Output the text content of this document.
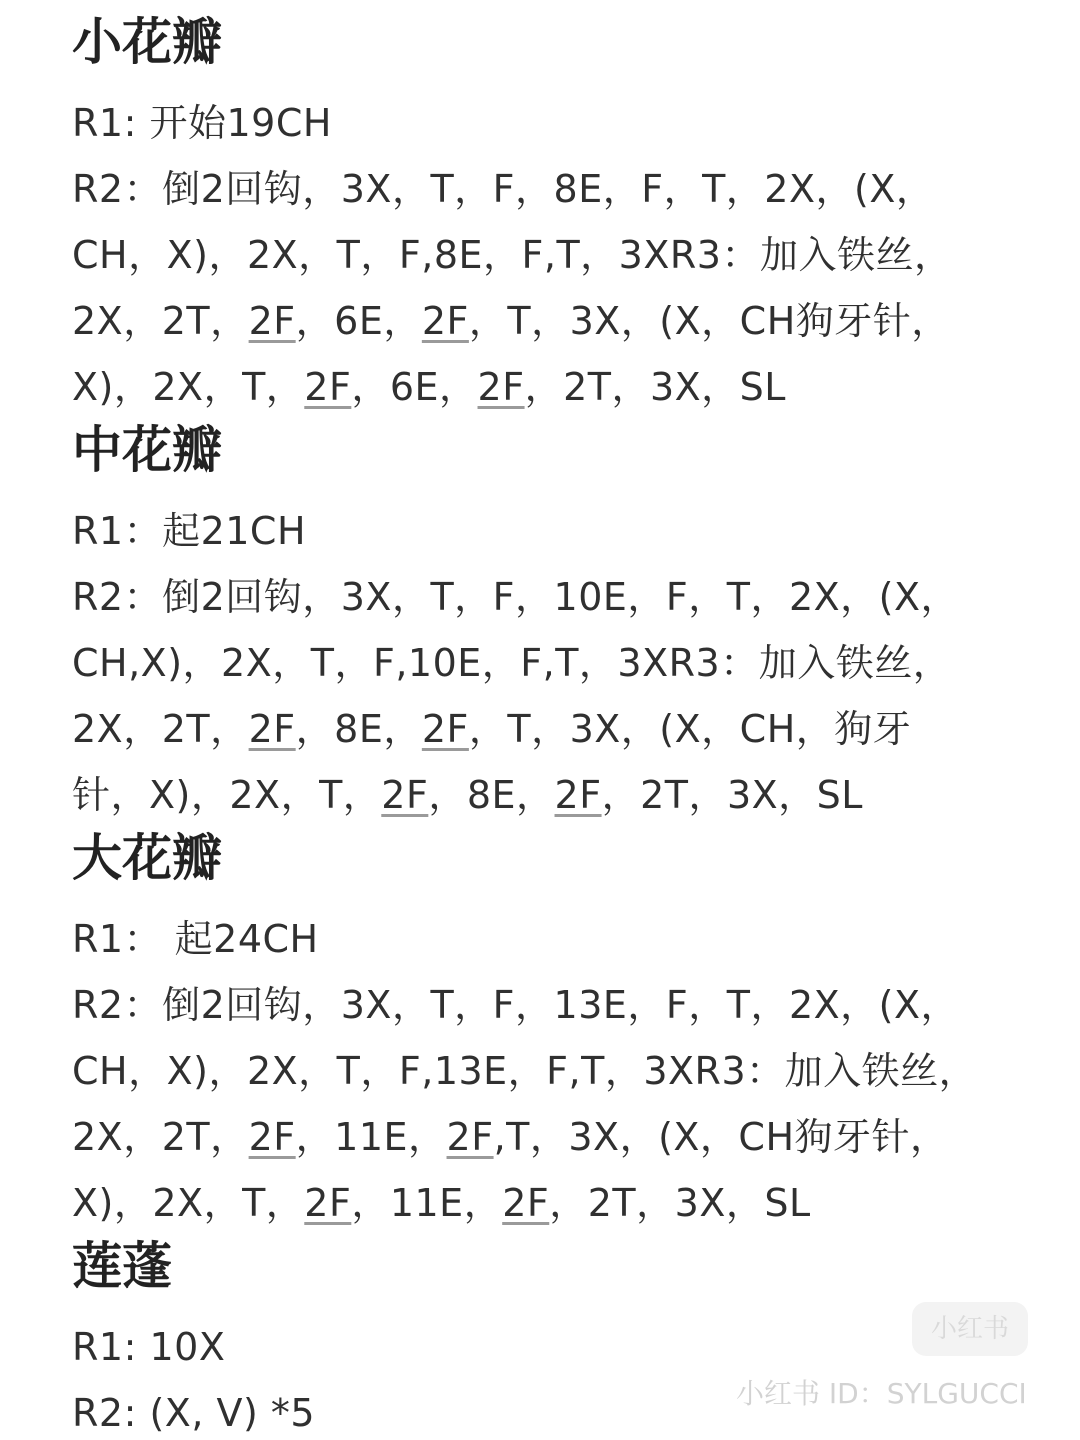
小花瓣
R1: 开始19CH
R2：倒2回钩，3X，T，F，8E，F，T，2X，(X，
CH，X)，2X，T，F,8E，F,T，3XR3：加入铁丝，
2X，2T，2F，6E，2F，T，3X，(X，CH狗牙针，
X)，2X，T，2F，6E，2F，2T，3X，SL
中花瓣
R1：起21CH
R2：倒2回钩，3X，T，F，10E，F，T，2X，(X，
CH,X)，2X，T，F,10E，F,T，3XR3：加入铁丝，
2X，2T，2F，8E，2F，T，3X，(X，CH，狗牙
针，X)，2X，T，2F，8E，2F，2T，3X，SL
大花瓣
R1： 起24CH
R2：倒2回钩，3X，T，F，13E，F，T，2X，(X，
CH，X)，2X，T，F,13E，F,T，3XR3：加入铁丝，
2X，2T，2F，11E，2F,T，3X，(X，CH狗牙针，
X)，2X，T，2F，11E，2F，2T，3X，SL
莲蓬
R1: 10X
R2: (X, V) *5
小红书
小红书 ID：SYLGUCCI
